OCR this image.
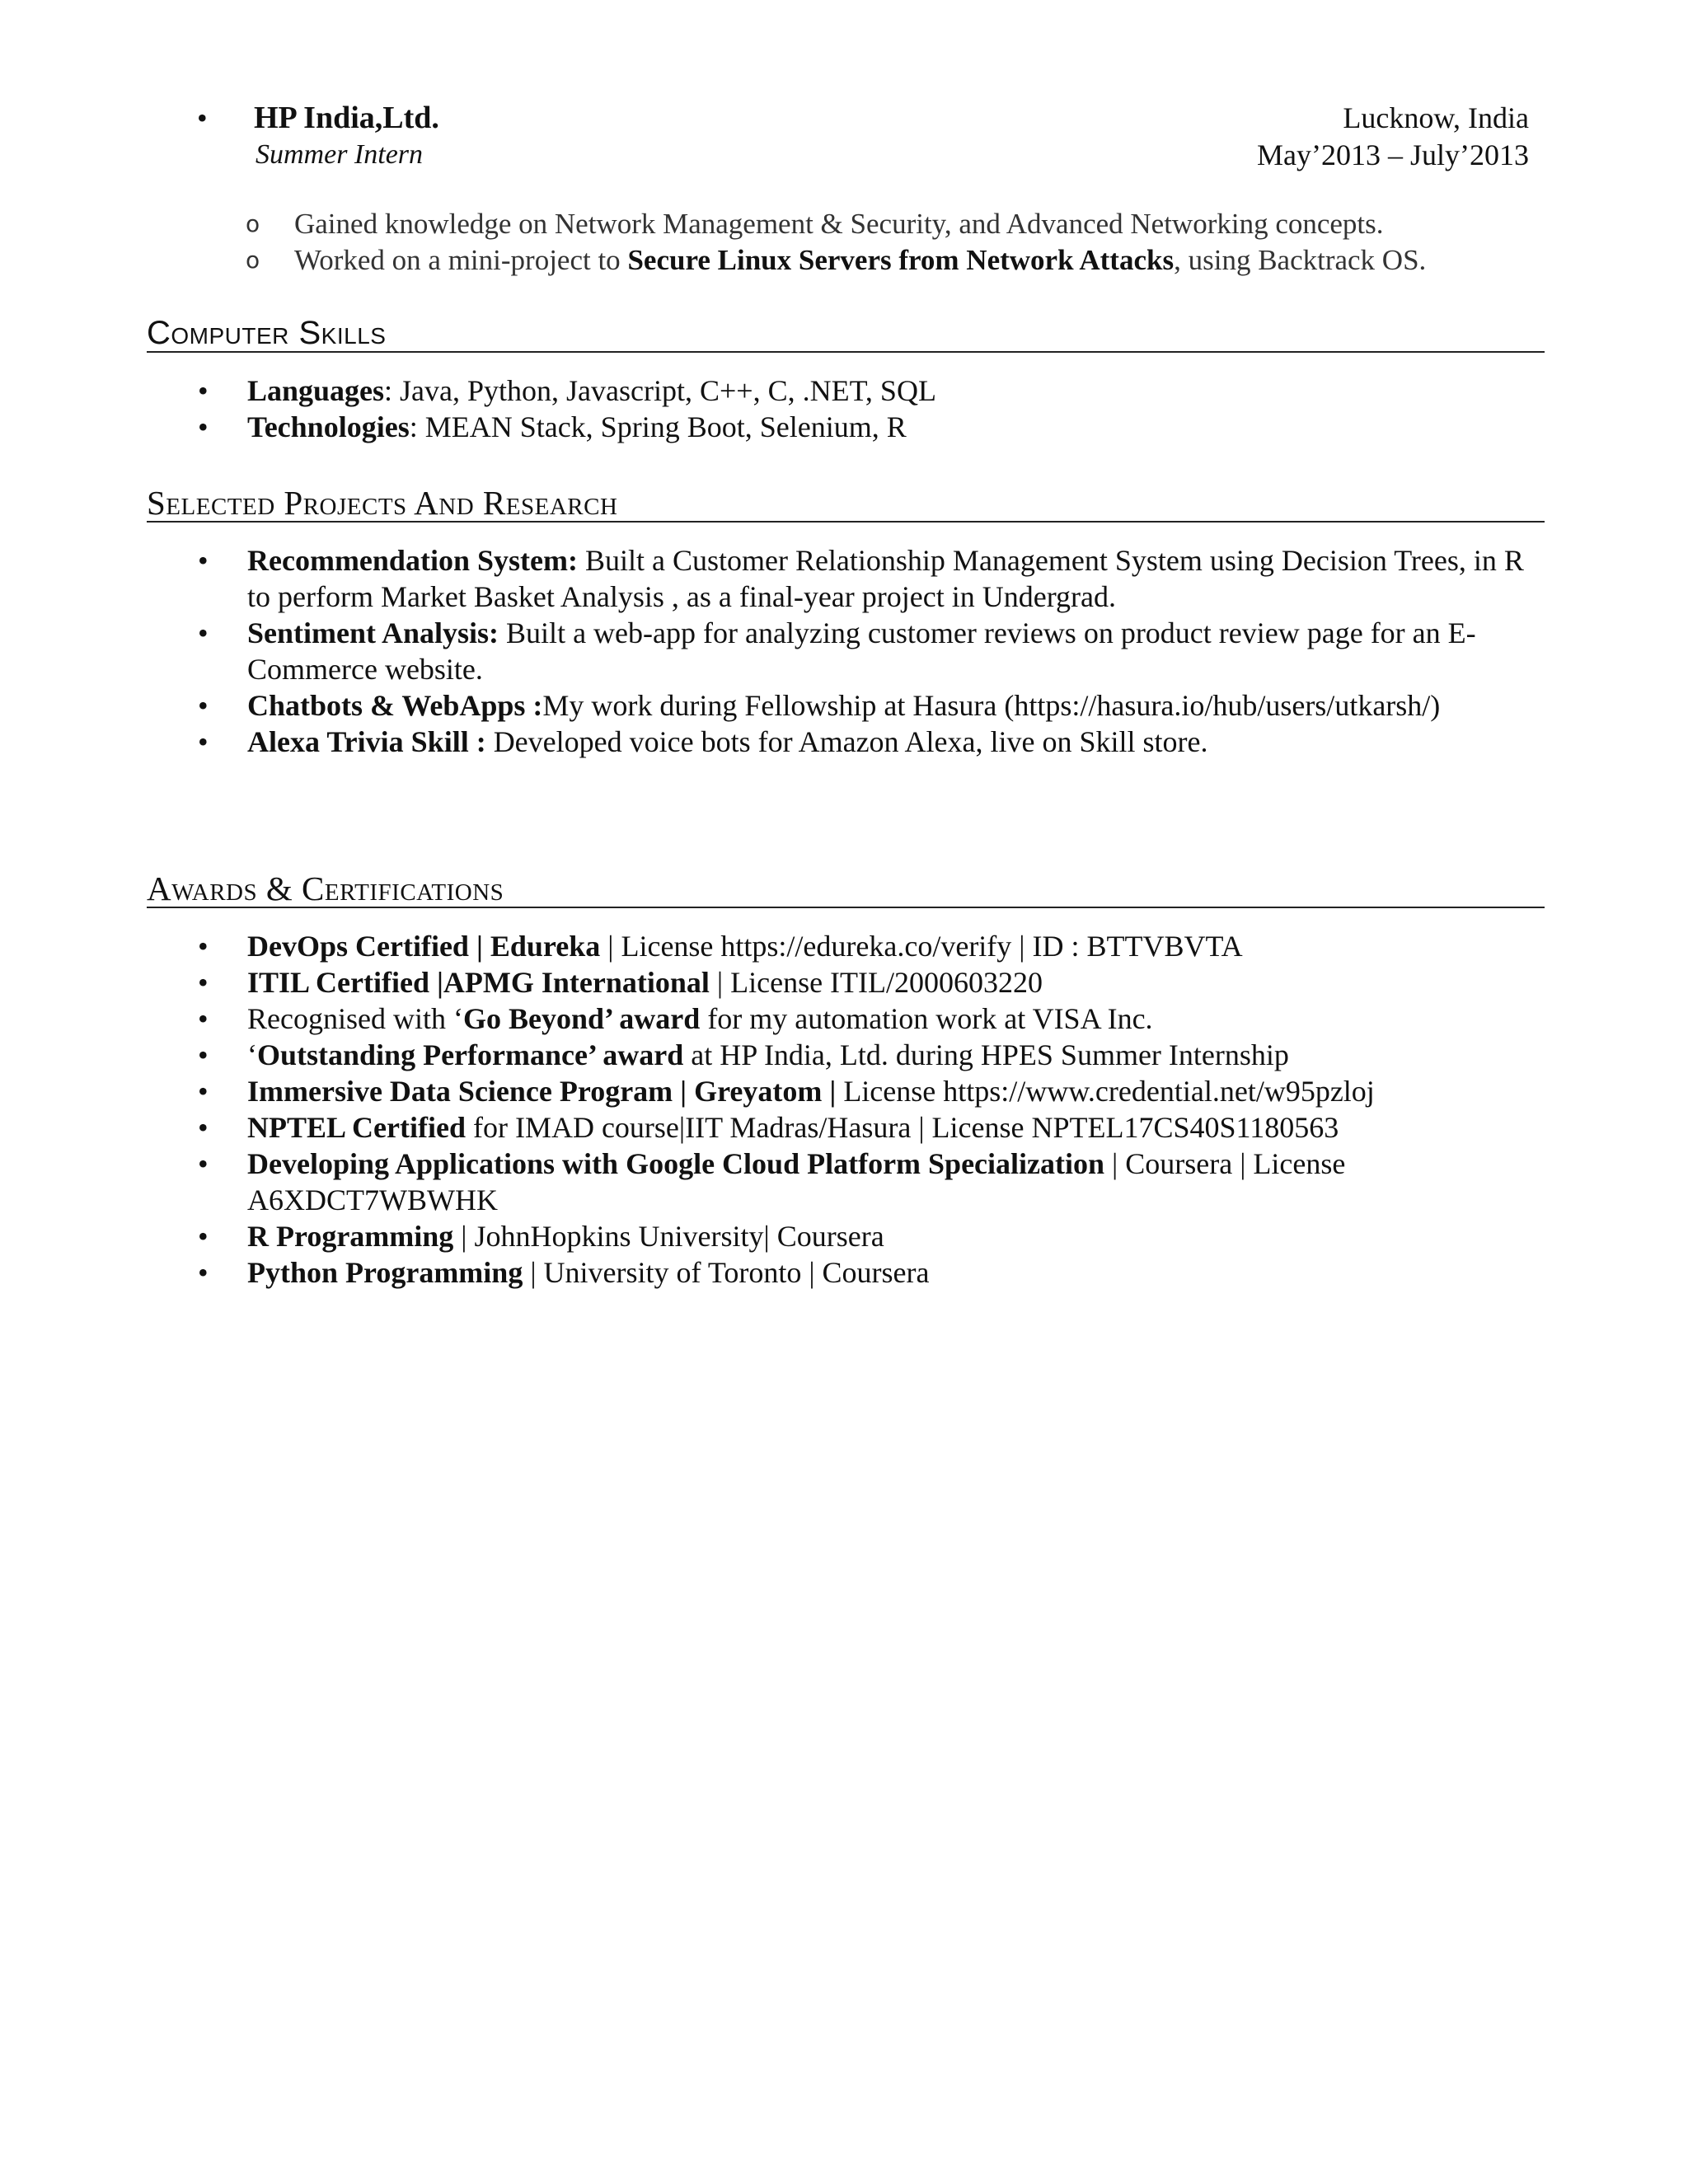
• HP India,Ltd.	Lucknow, India
Summer Intern	May’2013 – July’2013
o Gained knowledge on Network Management & Security, and Advanced Networking concepts.
o Worked on a mini-project to Secure Linux Servers from Network Attacks, using Backtrack OS.
Computer Skills
• Languages: Java, Python, Javascript, C++, C, .NET, SQL
• Technologies: MEAN Stack, Spring Boot, Selenium, R
Selected Projects And Research
• Recommendation System: Built a Customer Relationship Management System using Decision Trees, in R to perform Market Basket Analysis , as a final-year project in Undergrad.
• Sentiment Analysis: Built a web-app for analyzing customer reviews on product review page for an E-Commerce website.
• Chatbots & WebApps :My work during Fellowship at Hasura (https://hasura.io/hub/users/utkarsh/)
• Alexa Trivia Skill : Developed voice bots for Amazon Alexa, live on Skill store.
Awards & Certifications
• DevOps Certified | Edureka | License https://edureka.co/verify | ID : BTTVBVTA
• ITIL Certified |APMG International | License ITIL/2000603220
• Recognised with ‘Go Beyond’ award for my automation work at VISA Inc.
• ‘Outstanding Performance’ award at HP India, Ltd. during HPES Summer Internship
• Immersive Data Science Program | Greyatom | License https://www.credential.net/w95pzloj
• NPTEL Certified for IMAD course|IIT Madras/Hasura | License NPTEL17CS40S1180563
• Developing Applications with Google Cloud Platform Specialization | Coursera | License A6XDCT7WBWHK
• R Programming | JohnHopkins University| Coursera
• Python Programming | University of Toronto | Coursera
